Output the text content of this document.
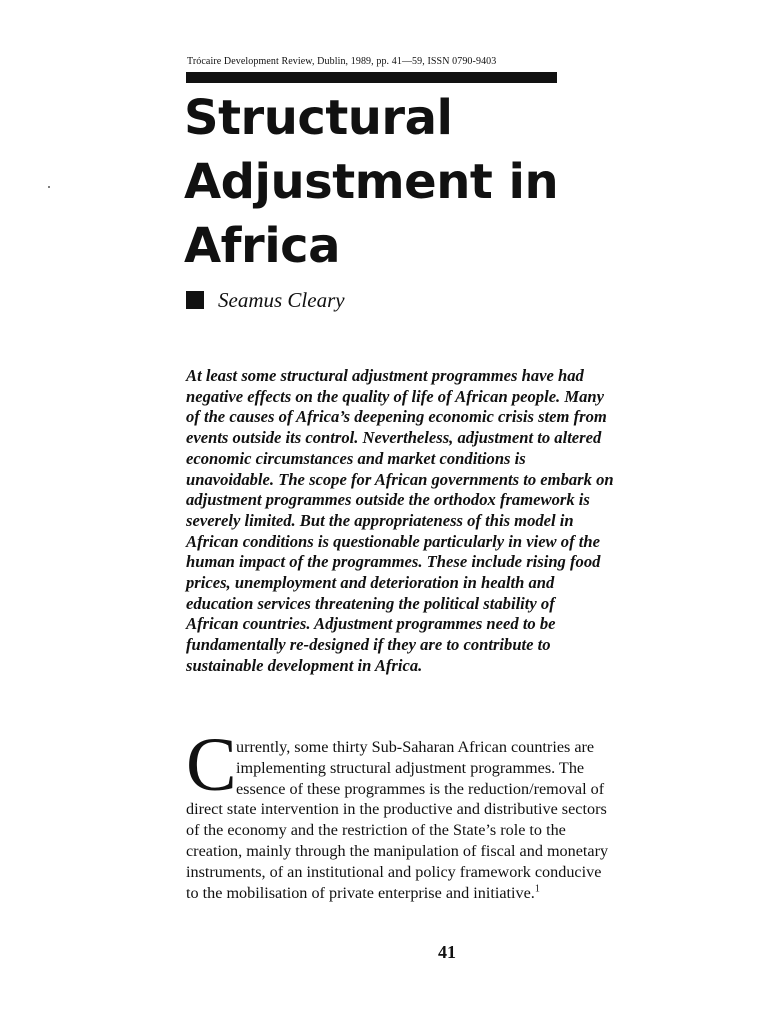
Trócaire Development Review, Dublin, 1989, pp. 41—59, ISSN 0790-9403
Structural
Adjustment in
Africa
Seamus Cleary
At least some structural adjustment programmes have had
negative effects on the quality of life of African people. Many
of the causes of Africa’s deepening economic crisis stem from
events outside its control. Nevertheless, adjustment to altered
economic circumstances and market conditions is
unavoidable. The scope for African governments to embark on
adjustment programmes outside the orthodox framework is
severely limited. But the appropriateness of this model in
African conditions is questionable particularly in view of the
human impact of the programmes. These include rising food
prices, unemployment and deterioration in health and
education services threatening the political stability of
African countries. Adjustment programmes need to be
fundamentally re-designed if they are to contribute to
sustainable development in Africa.
C urrently, some thirty Sub-Saharan African countries are
implementing structural adjustment programmes. The
essence of these programmes is the reduction/removal of
direct state intervention in the productive and distributive sectors
of the economy and the restriction of the State’s role to the
creation, mainly through the manipulation of fiscal and monetary
instruments, of an institutional and policy framework conducive
to the mobilisation of private enterprise and initiative.$^1$
41
